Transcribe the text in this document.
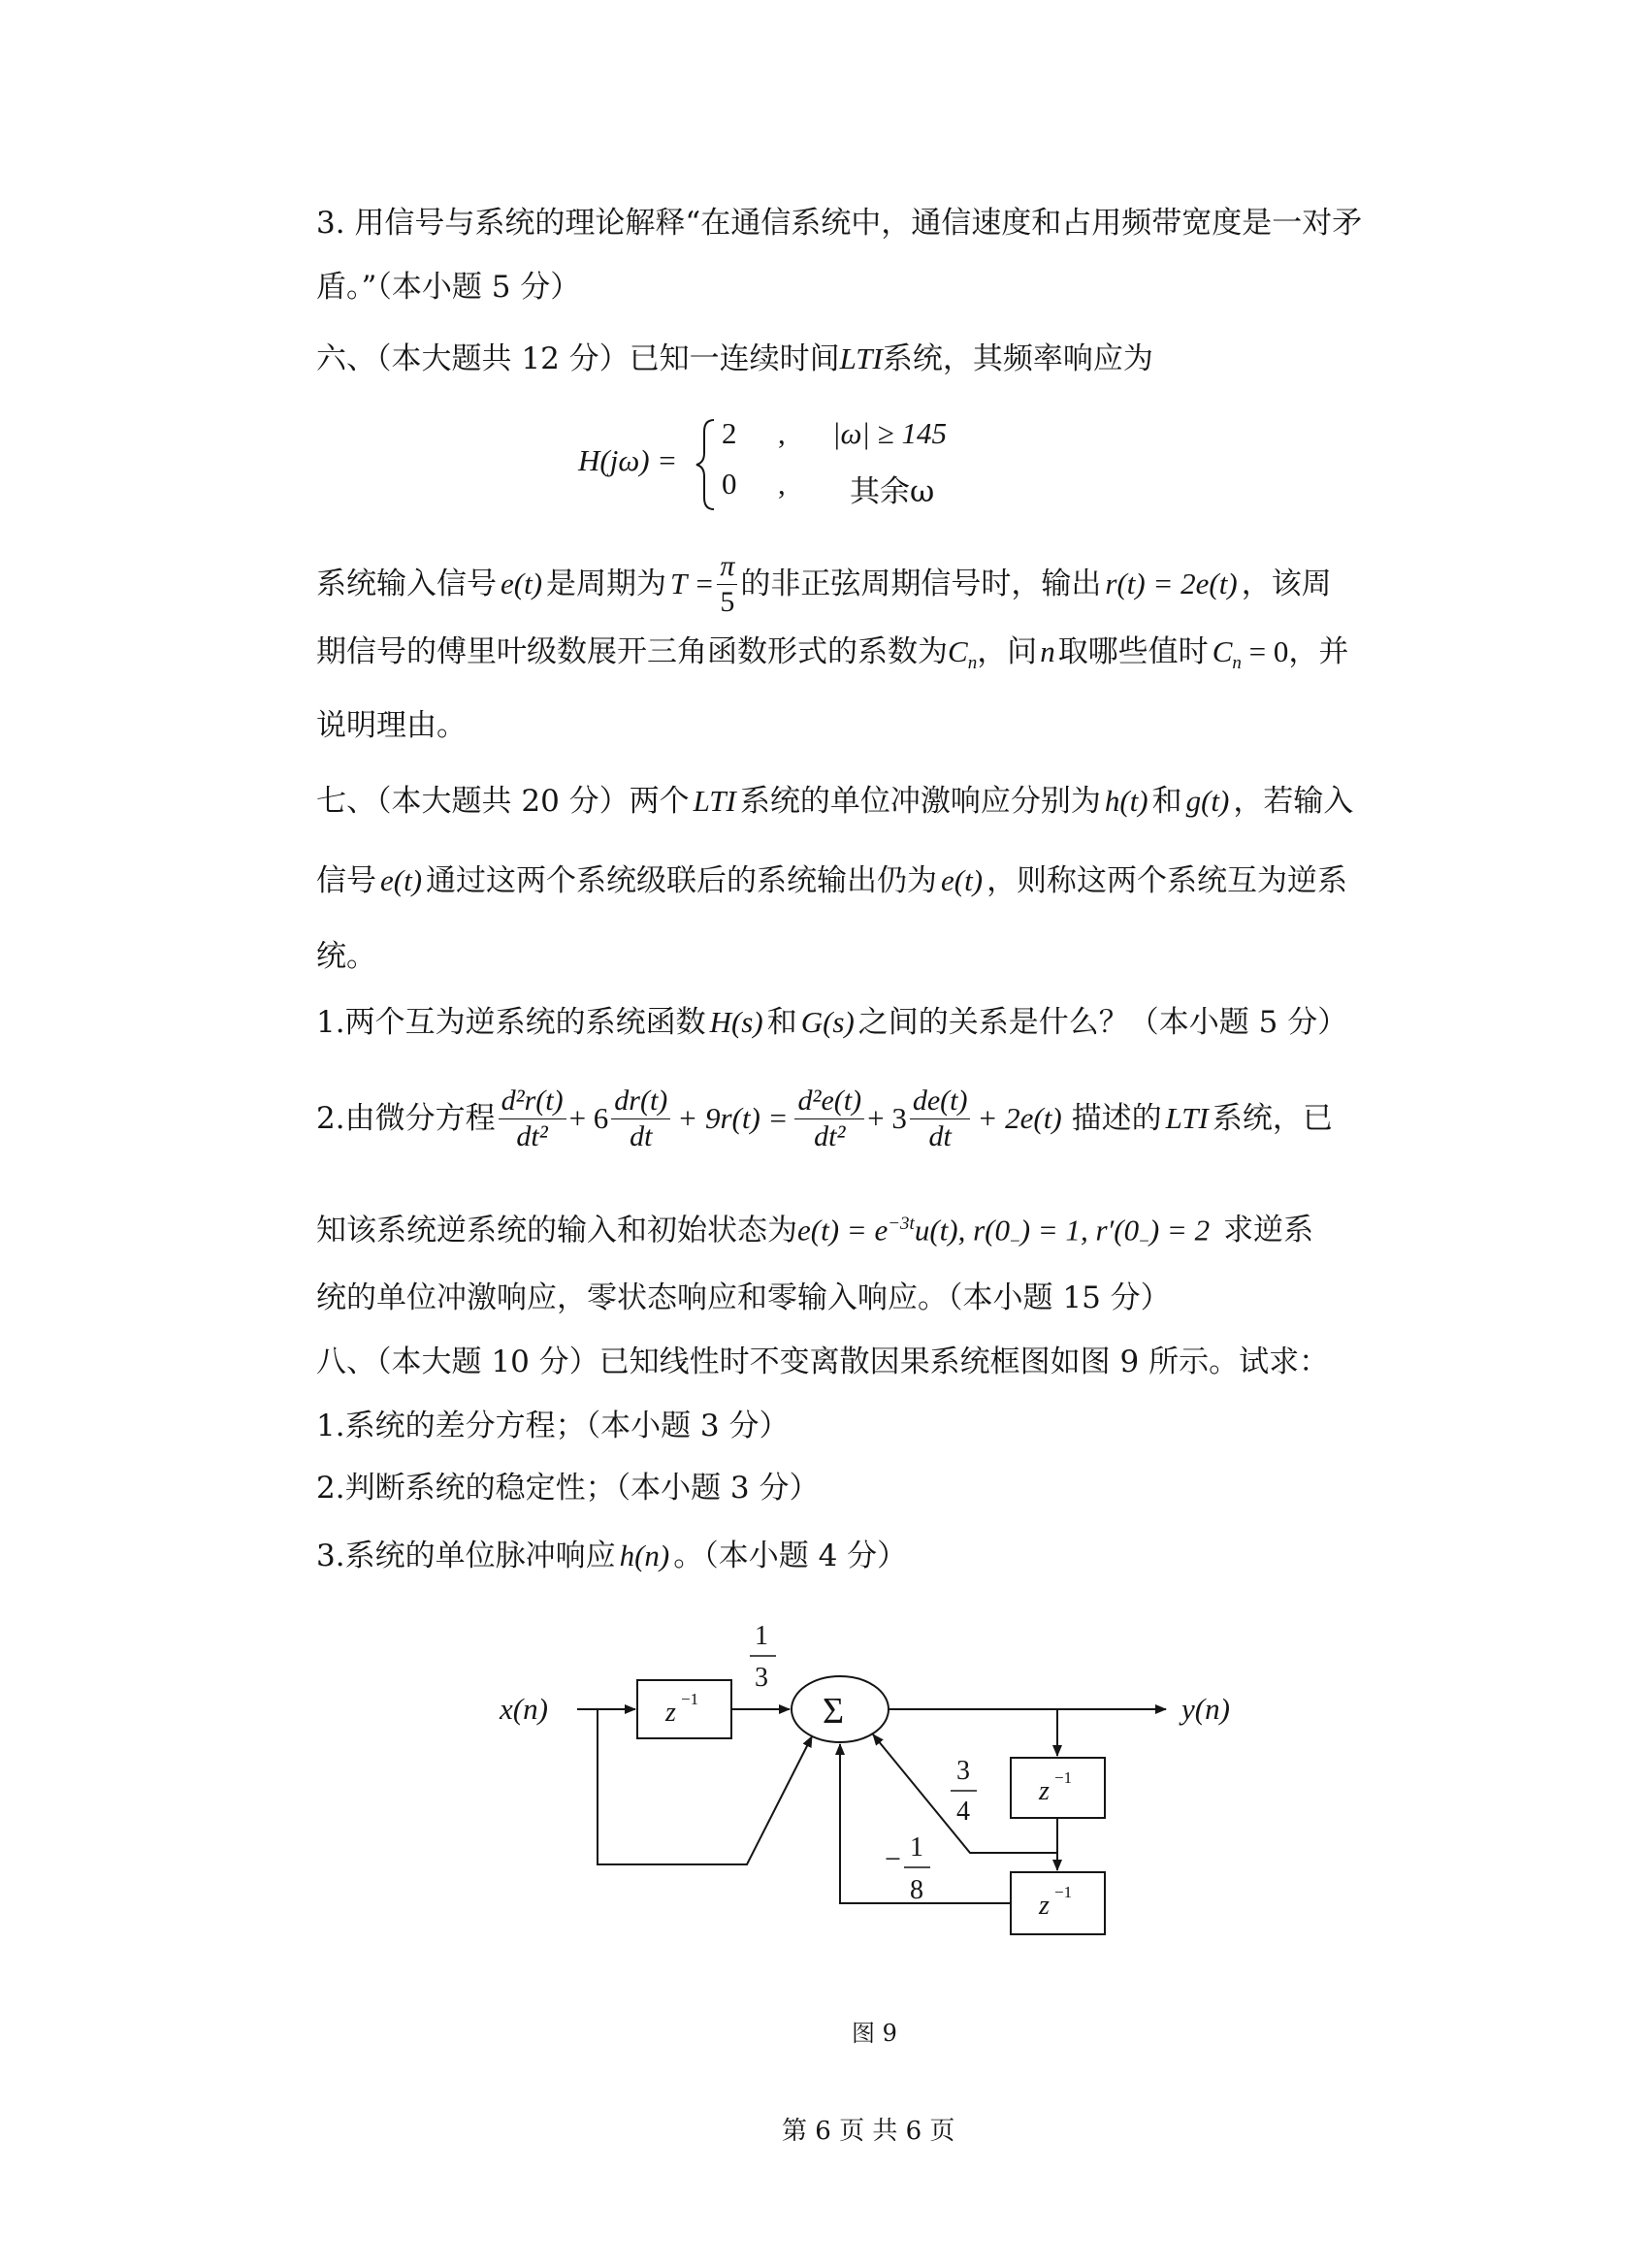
3. 用信号与系统的理论解释“在通信系统中，通信速度和占用频带宽度是一对矛
盾。”（本小题 5 分）
六、（本大题共 12 分）已知一连续时间LTI系统，其频率响应为
H(jω) =
2 , |ω| ≥ 145
0 , 其余ω
系统输入信号 e(t) 是周期为 $T = \frac{\pi}{5}$ 的非正弦周期信号时，输出 r(t) = 2e(t) ，该周
期信号的傅里叶级数展开三角函数形式的系数为$C_n$，问n取哪些值时 $C_n = 0$，并
说明理由。
七、（本大题共 20 分）两个 LTI 系统的单位冲激响应分别为 h(t) 和 g(t) ，若输入
信号 e(t) 通过这两个系统级联后的系统输出仍为 e(t) ，则称这两个系统互为逆系
统。
1.两个互为逆系统的系统函数 H(s) 和 G(s) 之间的关系是什么？（本小题 5 分）
2.由微分方程 $\frac{\text{d²r(t)}}{\text{dt²}} + 6 \frac{dr(t)}{dt} + 9r(t) = \frac{\text{d²e(t)}}{\text{dt²}} + 3 \frac{de(t)}{dt} + 2e(t)$ 描述的 LTI 系统，已
知该系统逆系统的输入和初始状态为$e(t) = e^{-3t}u(t)$, $r(0_-) = 1$, $r'(0_-) = 2$ 求逆系
统的单位冲激响应，零状态响应和零输入响应。（本小题 15 分）
八、（本大题 10 分）已知线性时不变离散因果系统框图如图 9 所示。试求：
1.系统的差分方程；（本小题 3 分）
2.判断系统的稳定性；（本小题 3 分）
3.系统的单位脉冲响应 h(n) 。（本小题 4 分）
x(n)	y(n)
z −1
z −1
z −1
Σ
1
3
3
4
− 1
8
图 9
第 6 页 共 6 页
